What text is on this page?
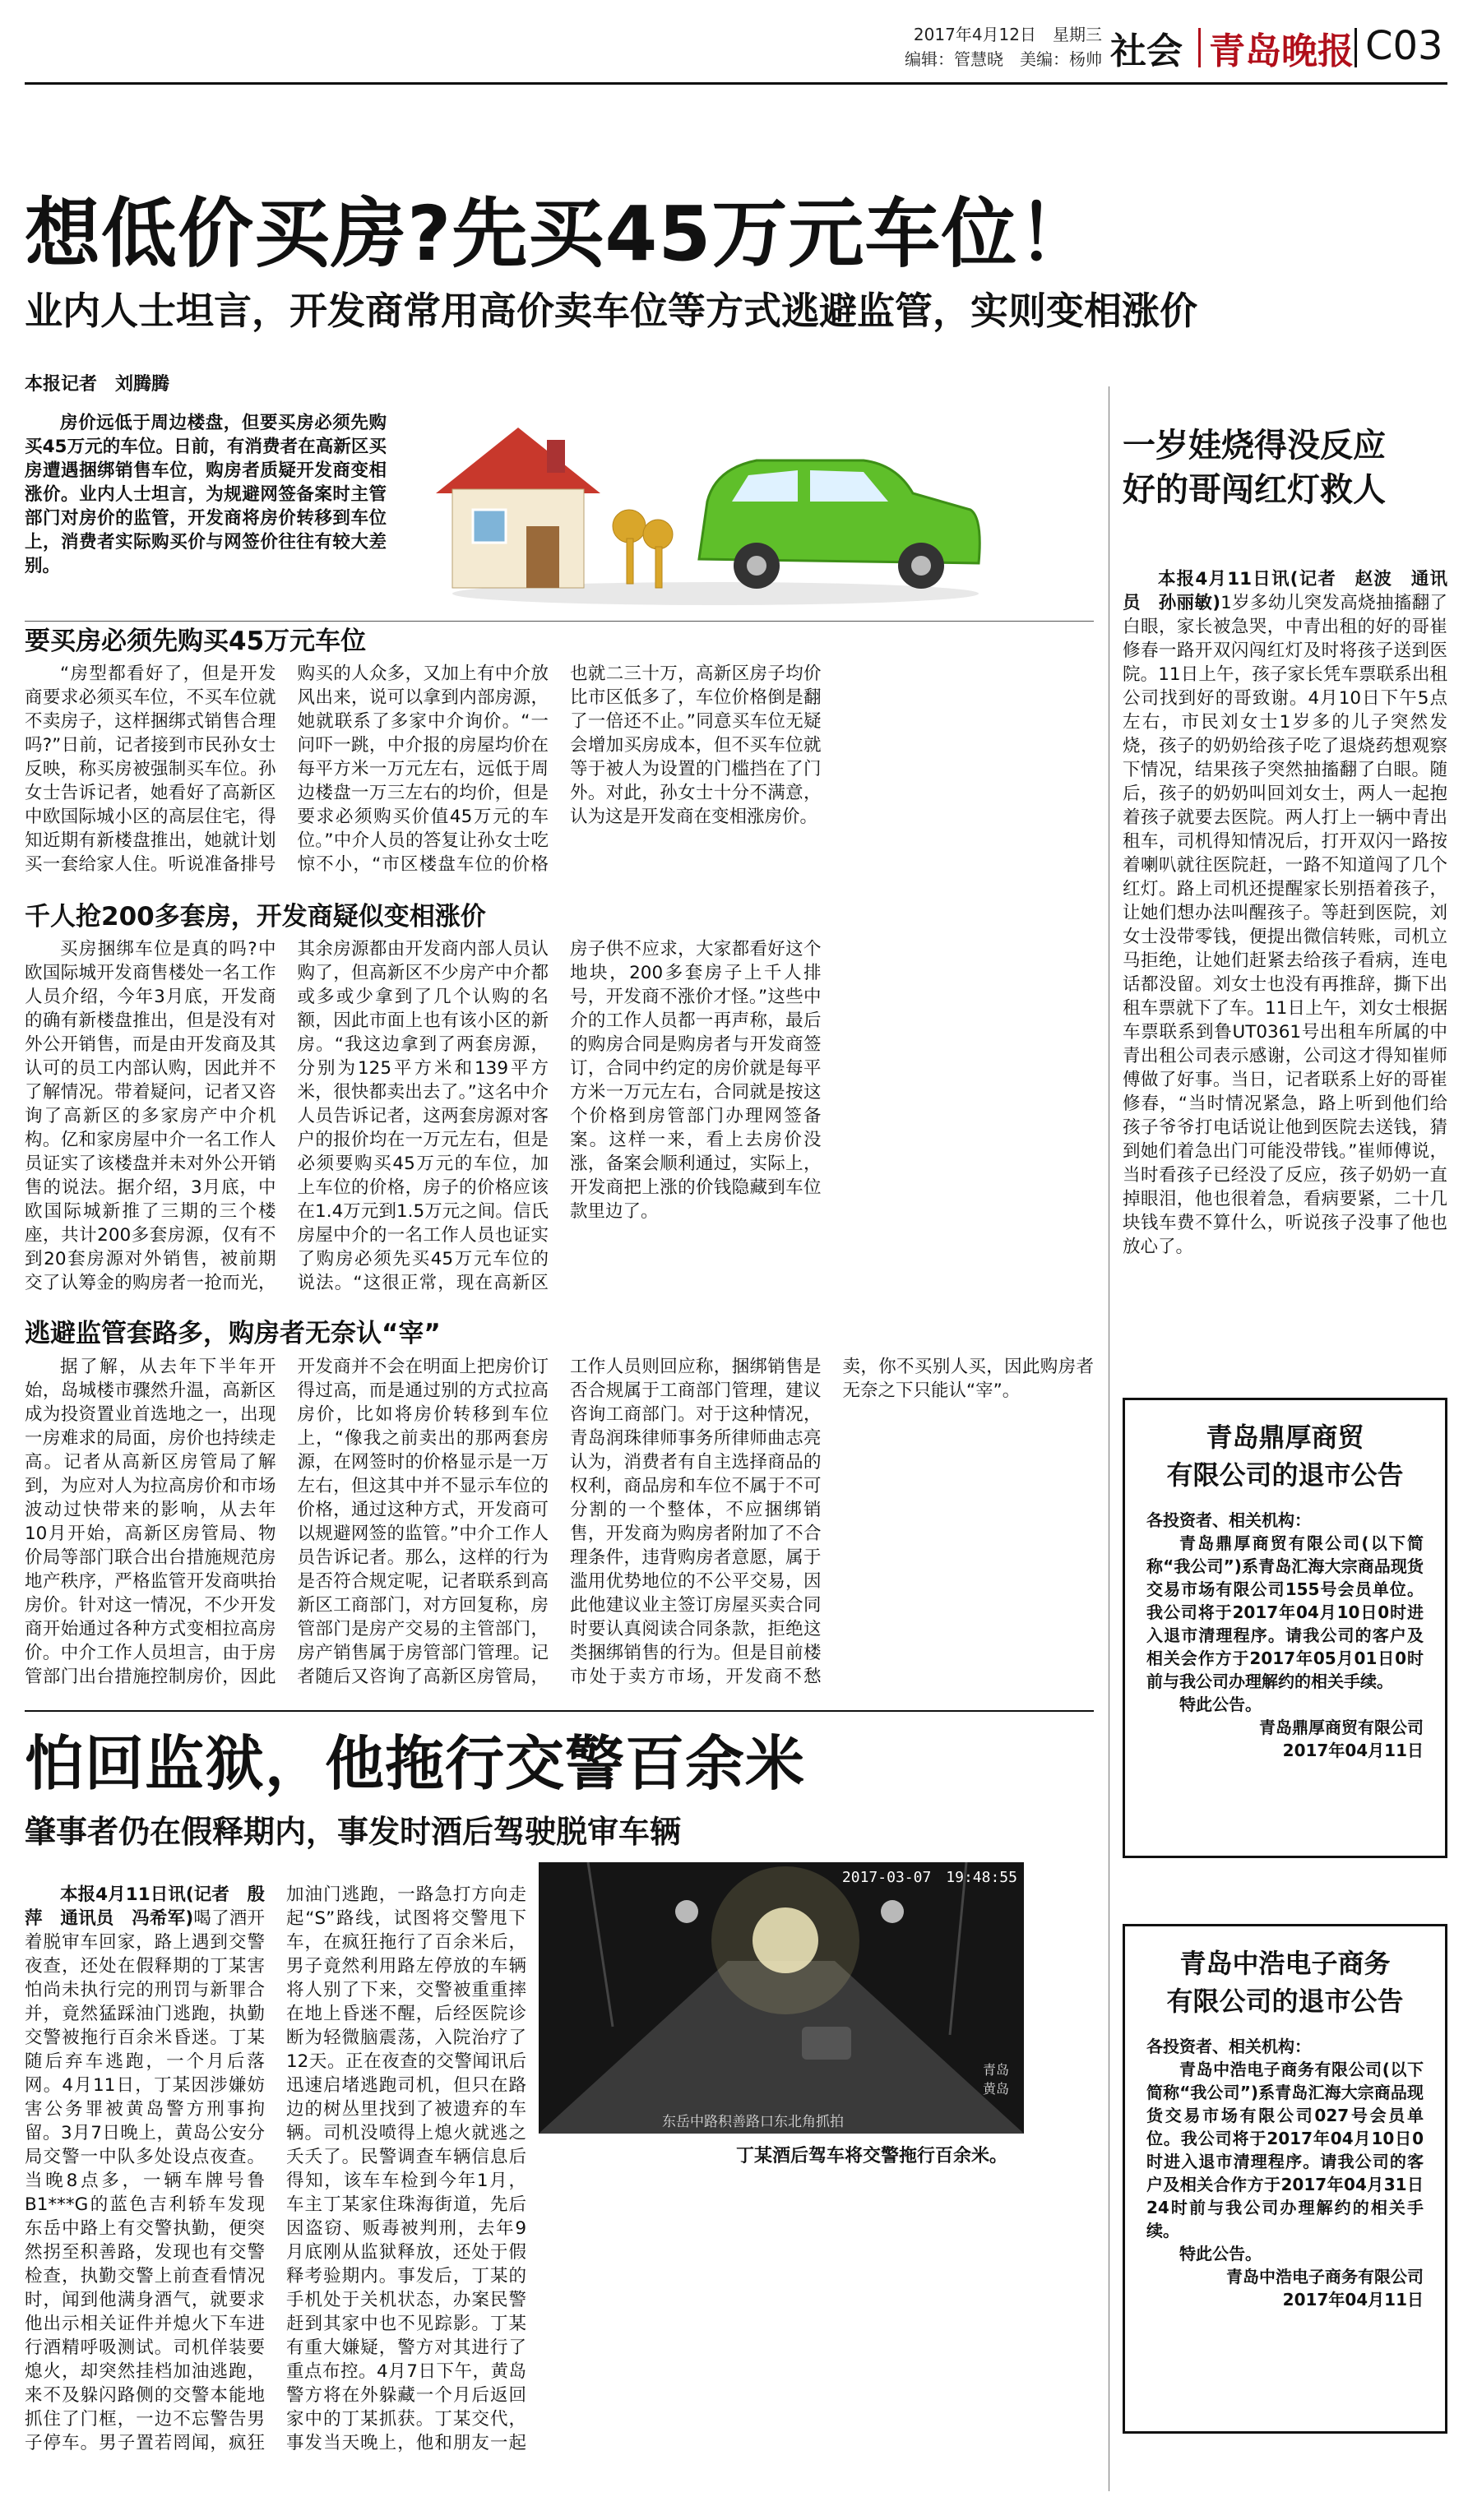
2017年4月12日　 星期三
编辑：管慧晓　美编：杨帅 社会 青岛晚报 C03
想低价买房?先买45万元车位！
业内人士坦言，开发商常用高价卖车位等方式逃避监管，实则变相涨价
本报记者　刘腾腾

房价远低于周边楼盘，但要买房必须先购买45万元的车位。日前，有消费者在高新区买房遭遇捆绑销售车位，购房者质疑开发商变相涨价。业内人士坦言，为规避网签备案时主管部门对房价的监管，开发商将房价转移到车位上，消费者实际购买价与网签价往往有较大差别。

要买房必须先购买45万元车位

“房型都看好了，但是开发商要求必须买车位，不买车位就不卖房子，这样捆绑式销售合理吗?”日前，记者接到市民孙女士反映，称买房被强制买车位。孙女士告诉记者，她看好了高新区中欧国际城小区的高层住宅，得知近期有新楼盘推出，她就计划买一套给家人住。听说准备排号购买的人众多，又加上有中介放风出来，说可以拿到内部房源，她就联系了多家中介询价。“一问吓一跳，中介报的房屋均价在每平方米一万元左右，远低于周边楼盘一万三左右的均价，但是要求必须购买价值45万元的车位。”中介人员的答复让孙女士吃惊不小，“市区楼盘车位的价格也就二三十万，高新区房子均价比市区低多了，车位价格倒是翻了一倍还不止。”同意买车位无疑会增加买房成本，但不买车位就等于被人为设置的门槛挡在了门外。对此，孙女士十分不满意，认为这是开发商在变相涨房价。

千人抢200多套房，开发商疑似变相涨价

买房捆绑车位是真的吗?中欧国际城开发商售楼处一名工作人员介绍，今年3月底，开发商的确有新楼盘推出，但是没有对外公开销售，而是由开发商及其认可的员工内部认购，因此并不了解情况。带着疑问，记者又咨询了高新区的多家房产中介机构。亿和家房屋中介一名工作人员证实了该楼盘并未对外公开销售的说法。据介绍，3月底，中欧国际城新推了三期的三个楼座，共计200多套房源，仅有不到20套房源对外销售，被前期交了认筹金的购房者一抢而光，其余房源都由开发商内部人员认购了，但高新区不少房产中介都或多或少拿到了几个认购的名额，因此市面上也有该小区的新房。“我这边拿到了两套房源，分别为125平方米和139平方米，很快都卖出去了。”这名中介人员告诉记者，这两套房源对客户的报价均在一万元左右，但是必须要购买45万元的车位，加上车位的价格，房子的价格应该在1.4万元到1.5万元之间。信氏房屋中介的一名工作人员也证实了购房必须先买45万元车位的说法。“这很正常，现在高新区房子供不应求，大家都看好这个地块，200多套房子上千人排号，开发商不涨价才怪。”这些中介的工作人员都一再声称，最后的购房合同是购房者与开发商签订，合同中约定的房价就是每平方米一万元左右，合同就是按这个价格到房管部门办理网签备案。这样一来，看上去房价没涨，备案会顺利通过，实际上，开发商把上涨的价钱隐藏到车位款里边了。

逃避监管套路多，购房者无奈认“宰”

据了解，从去年下半年开始，岛城楼市骤然升温，高新区成为投资置业首选地之一，出现一房难求的局面，房价也持续走高。记者从高新区房管局了解到，为应对人为拉高房价和市场波动过快带来的影响，从去年10月开始，高新区房管局、物价局等部门联合出台措施规范房地产秩序，严格监管开发商哄抬房价。针对这一情况，不少开发商开始通过各种方式变相拉高房价。中介工作人员坦言，由于房管部门出台措施控制房价，因此开发商并不会在明面上把房价订得过高，而是通过别的方式拉高房价，比如将房价转移到车位上，“像我之前卖出的那两套房源，在网签时的价格显示是一万左右，但这其中并不显示车位的价格，通过这种方式，开发商可以规避网签的监管。”中介工作人员告诉记者。那么，这样的行为是否符合规定呢，记者联系到高新区工商部门，对方回复称，房管部门是房产交易的主管部门，房产销售属于房管部门管理。记者随后又咨询了高新区房管局，工作人员则回应称，捆绑销售是否合规属于工商部门管理，建议咨询工商部门。对于这种情况，青岛润珠律师事务所律师曲志亮认为，消费者有自主选择商品的权利，商品房和车位不属于不可分割的一个整体，不应捆绑销售，开发商为购房者附加了不合理条件，违背购房者意愿，属于滥用优势地位的不公平交易，因此他建议业主签订房屋买卖合同时要认真阅读合同条款，拒绝这类捆绑销售的行为。但是目前楼市处于卖方市场，开发商不愁卖，你不买别人买，因此购房者无奈之下只能认“宰”。

一岁娃烧得没反应　好的哥闯红灯救人

本报4月11日讯(记者　赵波　通讯员　孙丽敏)1岁多幼儿突发高烧抽搐翻了白眼，家长被急哭，中青出租的好的哥崔修春一路开双闪闯红灯及时将孩子送到医院。11日上午，孩子家长凭车票联系出租公司找到好的哥致谢。4月10日下午5点左右，市民刘女士1岁多的儿子突然发烧，孩子的奶奶给孩子吃了退烧药想观察下情况，结果孩子突然抽搐翻了白眼。随后，孩子的奶奶叫回刘女士，两人一起抱着孩子就要去医院。两人打上一辆中青出租车，司机得知情况后，打开双闪一路按着喇叭就往医院赶，一路不知道闯了几个红灯。路上司机还提醒家长别捂着孩子，让她们想办法叫醒孩子。等赶到医院，刘女士没带零钱，便提出微信转账，司机立马拒绝，让她们赶紧去给孩子看病，连电话都没留。刘女士也没有再推辞，撕下出租车票就下了车。11日上午，刘女士根据车票联系到鲁UT0361号出租车所属的中青出租公司表示感谢，公司这才得知崔师傅做了好事。当日，记者联系上好的哥崔修春，“当时情况紧急，路上听到他们给孩子爷爷打电话说让他到医院去送钱，猜到她们着急出门可能没带钱。”崔师傅说，当时看孩子已经没了反应，孩子奶奶一直掉眼泪，他也很着急，看病要紧，二十几块钱车费不算什么，听说孩子没事了他也放心了。

青岛鼎厚商贸
有限公司的退市公告

各投资者、相关机构：

青岛鼎厚商贸有限公司(以下简称“我公司”)系青岛汇海大宗商品现货交易市场有限公司155号会员单位。我公司将于2017年04月10日0时进入退市清理程序。请我公司的客户及相关会作方于2017年05月01日0时前与我公司办理解约的相关手续。

特此公告。

青岛鼎厚商贸有限公司
2017年04月11日
青岛中浩电子商务
有限公司的退市公告

各投资者、相关机构：

青岛中浩电子商务有限公司(以下简称“我公司”)系青岛汇海大宗商品现货交易市场有限公司027号会员单位。我公司将于2017年04月10日0时进入退市清理程序。请我公司的客户及相关合作方于2017年04月31日24时前与我公司办理解约的相关手续。

特此公告。

青岛中浩电子商务有限公司
2017年04月11日
怕回监狱，他拖行交警百余米
肇事者仍在假释期内，事发时酒后驾驶脱审车辆

本报4月11日讯(记者　殷萍　通讯员　冯希军)喝了酒开着脱审车回家，路上遇到交警夜查，还处在假释期的丁某害怕尚未执行完的刑罚与新罪合并，竟然猛踩油门逃跑，执勤交警被拖行百余米昏迷。丁某随后弃车逃跑，一个月后落网。4月11日，丁某因涉嫌妨害公务罪被黄岛警方刑事拘留。3月7日晚上，黄岛公安分局交警一中队多处设点夜查。当晚8点多，一辆车牌号鲁B1***G的蓝色吉利轿车发现东岳中路上有交警执勤，便突然拐至积善路，发现也有交警检查，执勤交警上前查看情况时，闻到他满身酒气，就要求他出示相关证件并熄火下车进行酒精呼吸测试。司机佯装要熄火，却突然挂档加油逃跑，来不及躲闪路侧的交警本能地抓住了门框，一边不忘警告男子停车。男子置若罔闻，疯狂加油门逃跑，一路急打方向走起“S”路线，试图将交警甩下车，在疯狂拖行了百余米后，男子竟然利用路左停放的车辆将人别了下来，交警被重重摔在地上昏迷不醒，后经医院诊断为轻微脑震荡，入院治疗了12天。正在夜查的交警闻讯后迅速启堵逃跑司机，但只在路边的树丛里找到了被遗弃的车辆。司机没喷得上熄火就逃之夭夭了。民警调查车辆信息后得知，该车车检到今年1月，车主丁某家住珠海街道，先后因盗窃、贩毒被判刑，去年9月底刚从监狱释放，还处于假释考验期内。事发后，丁某的手机处于关机状态，办案民警赶到其家中也不见踪影。丁某有重大嫌疑，警方对其进行了重点布控。4月7日下午，黄岛警方将在外躲藏一个月后返回家中的丁某抓获。丁某交代，事发当天晚上，他和朋友一起

2017-03-07　19:48:55
青岛黄岛
东岳中路积善路口东北角抓拍
丁某酒后驾车将交警拖行百余米。
